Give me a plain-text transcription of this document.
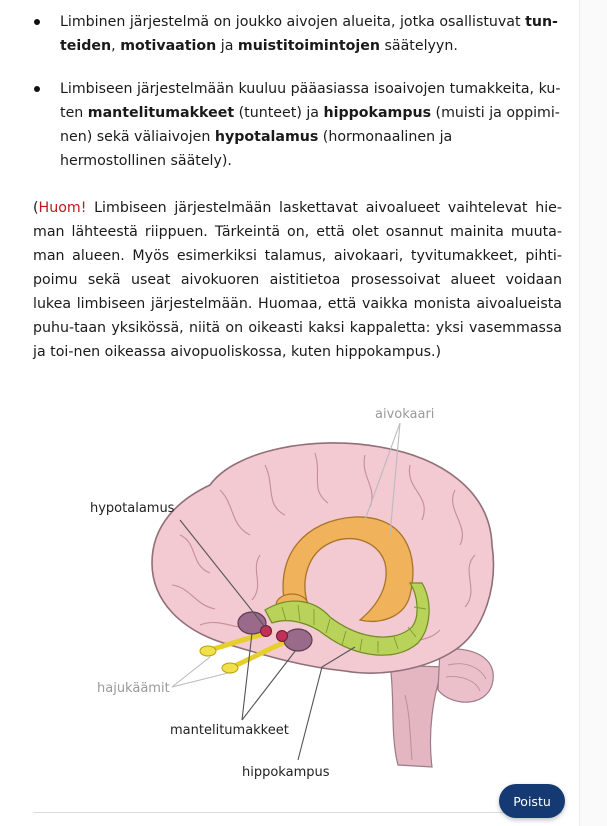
Limbinen järjestelmä on joukko aivojen alueita, jotka osallistuvat tun-teiden, motivaation ja muistitoimintojen säätelyyn.
Limbiseen järjestelmään kuuluu pääasiassa isoaivojen tumakkeita, ku-ten mantelitumakkeet (tunteet) ja hippokampus (muisti ja oppimi-nen) sekä väliaivojen hypotalamus (hormonaalinen ja hermostollinen säätely).

(Huom! Limbiseen järjestelmään laskettavat aivoalueet vaihtelevat hie-man lähteestä riippuen. Tärkeintä on, että olet osannut mainita muuta-man alueen. Myös esimerkiksi talamus, aivokaari, tyvitumakkeet, pihti-poimu sekä useat aivokuoren aistitietoa prosessoivat alueet voidaan lukea limbiseen järjestelmään. Huomaa, että vaikka monista aivoalueista puhu-taan yksikössä, niitä on oikeasti kaksi kappaletta: yksi vasemmassa ja toi-nen oikeassa aivopuoliskossa, kuten hippokampus.)

aivokaari
hypotalamus
hajukäämit
mantelitumakkeet
hippokampus
Poistu
